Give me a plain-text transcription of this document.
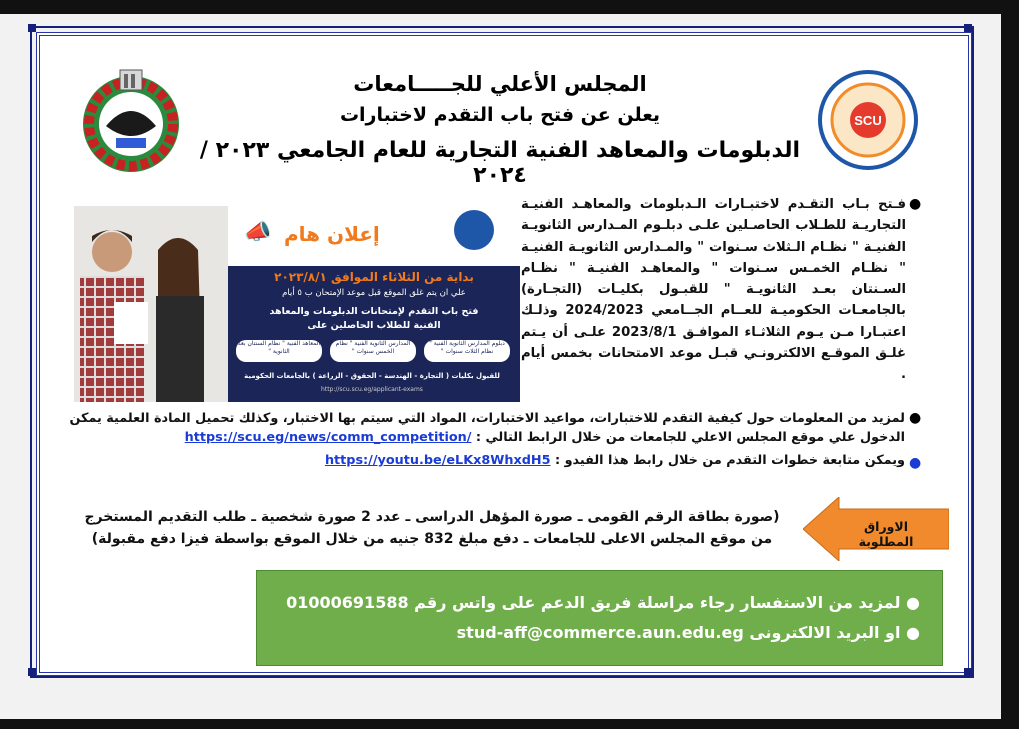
SCU
المجلس الأعلي للجـــــامعات
يعلن عن فتح باب التقدم لاختبارات
الدبلومات والمعاهد الفنية التجارية للعام الجامعي ٢٠٢٣ / ٢٠٢٤
إعلان هام
📣
بداية من الثلاثاء الموافق ٢٠٢٣/٨/١
علي ان يتم غلق الموقع قبل موعد الإمتحان ب ٥ أيام
فتح باب التقدم لإمتحانات الدبلومات والمعاهد
الفنية للطلاب الحاصلين على
دبلوم المدارس الثانوية الفنية " نظام الثلاث سنوات "
المدارس الثانوية الفنية " نظام الخمس سنوات "
المعاهد الفنية " نظام السنتان بعد الثانوية "
للقبول بكليات ( التجارة - الهندسة - الحقوق - الزراعة ) بالجامعات الحكومية
http://scu.scu.eg/applicant-exams
●
فـتح بـاب التقـدم لاختبـارات الـدبلومات والمعاهـد الفنيـة التجاريـة للطـلاب الحاصـلين علـى دبلـوم المـدارس الثانويـة الفنيـة " نظـام الـثلاث سـنوات " والمـدارس الثانويـة الفنيـة " نظـام الخمـس سـنوات " والمعاهـد الفنيـة " نظـام السـنتان بعـد الثانويـة " للقبـول بكليـات (التجـارة) بالجامعـات الحكوميـة للعــام الجــامعي 2024/2023 وذلـك اعتبـارا مـن يـوم الثلاثـاء الموافـق 2023/8/1 علـى أن يـتم غلـق الموقـع الالكترونـي قبـل موعد الامتحانات بخمس أيام .
●
لمزيد من المعلومات حول كيفية التقدم للاختبارات، مواعيد الاختبارات، المواد التي سيتم بها الاختبار، وكذلك تحميل المادة العلمية يمكن الدخول علي موقع المجلس الاعلي للجامعات من خلال الرابط التالي : https://scu.eg/news/comm_competition/
●
ويمكن متابعة خطوات التقدم من خلال رابط هذا الفيدو : https://youtu.be/eLKx8WhxdH5
الاوراق المطلوبة
(صورة بطاقة الرقم القومى ـ صورة المؤهل الدراسى ـ عدد 2 صورة شخصية ـ طلب التقديم المستخرج من موقع المجلس الاعلى للجامعات ـ دفع مبلغ 832 جنيه من خلال الموقع بواسطة فيزا دفع مقبولة)
● لمزيد من الاستفسار رجاء مراسلة فريق الدعم على واتس رقم 01000691588
● او البريد الالكترونى stud-aff@commerce.aun.edu.eg
